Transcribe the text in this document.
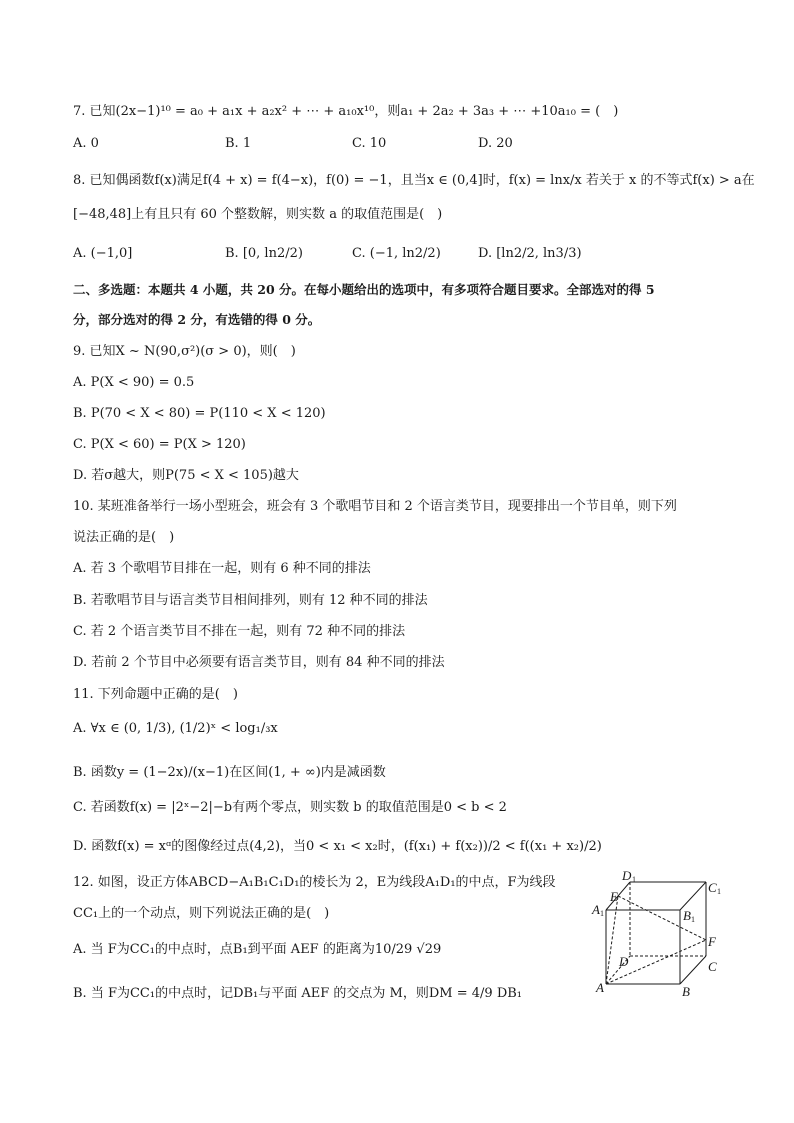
7. 已知(2x−1)¹⁰ = a₀ + a₁x + a₂x² + ⋯ + a₁₀x¹⁰，则a₁ + 2a₂ + 3a₃ + ⋯ +10a₁₀ = (　)
A. 0	B. 1	C. 10	D. 20
8. 已知偶函数f(x)满足f(4 + x) = f(4−x)，f(0) = −1，且当x ∈ (0,4]时，f(x) = lnx/x 若关于 x 的不等式f(x) > a在
[−48,48]上有且只有 60 个整数解，则实数 a 的取值范围是(　)
A. (−1,0]	B. [0, ln2/2)	C. (−1, ln2/2)	D. [ln2/2, ln3/3)
二、多选题：本题共 4 小题，共 20 分。在每小题给出的选项中，有多项符合题目要求。全部选对的得 5
分，部分选对的得 2 分，有选错的得 0 分。
9. 已知X ~ N(90,σ²)(σ > 0)，则(　)
A. P(X < 90) = 0.5
B. P(70 < X < 80) = P(110 < X < 120)
C. P(X < 60) = P(X > 120)
D. 若σ越大，则P(75 < X < 105)越大
10. 某班准备举行一场小型班会，班会有 3 个歌唱节目和 2 个语言类节目，现要排出一个节目单，则下列
说法正确的是(　)
A. 若 3 个歌唱节目排在一起，则有 6 种不同的排法
B. 若歌唱节目与语言类节目相间排列，则有 12 种不同的排法
C. 若 2 个语言类节目不排在一起，则有 72 种不同的排法
D. 若前 2 个节目中必须要有语言类节目，则有 84 种不同的排法
11. 下列命题中正确的是(　)
A. ∀x ∈ (0, 1/3), (1/2)ˣ < log₁/₃x
B. 函数y = (1−2x)/(x−1)在区间(1, + ∞)内是减函数
C. 若函数f(x) = |2ˣ−2|−b有两个零点，则实数 b 的取值范围是0 < b < 2
D. 函数f(x) = xᵅ的图像经过点(4,2)，当0 < x₁ < x₂时，(f(x₁) + f(x₂))/2 < f((x₁ + x₂)/2)
12. 如图，设正方体ABCD−A₁B₁C₁D₁的棱长为 2，E为线段A₁D₁的中点，F为线段
CC₁上的一个动点，则下列说法正确的是(　)
A. 当 F为CC₁的中点时，点B₁到平面 AEF 的距离为10/29 √29
B. 当 F为CC₁的中点时，记DB₁与平面 AEF 的交点为 M，则DM = 4/9 DB₁
D 1
C 1
E
A 1	B 1
F
D	C
A	B
